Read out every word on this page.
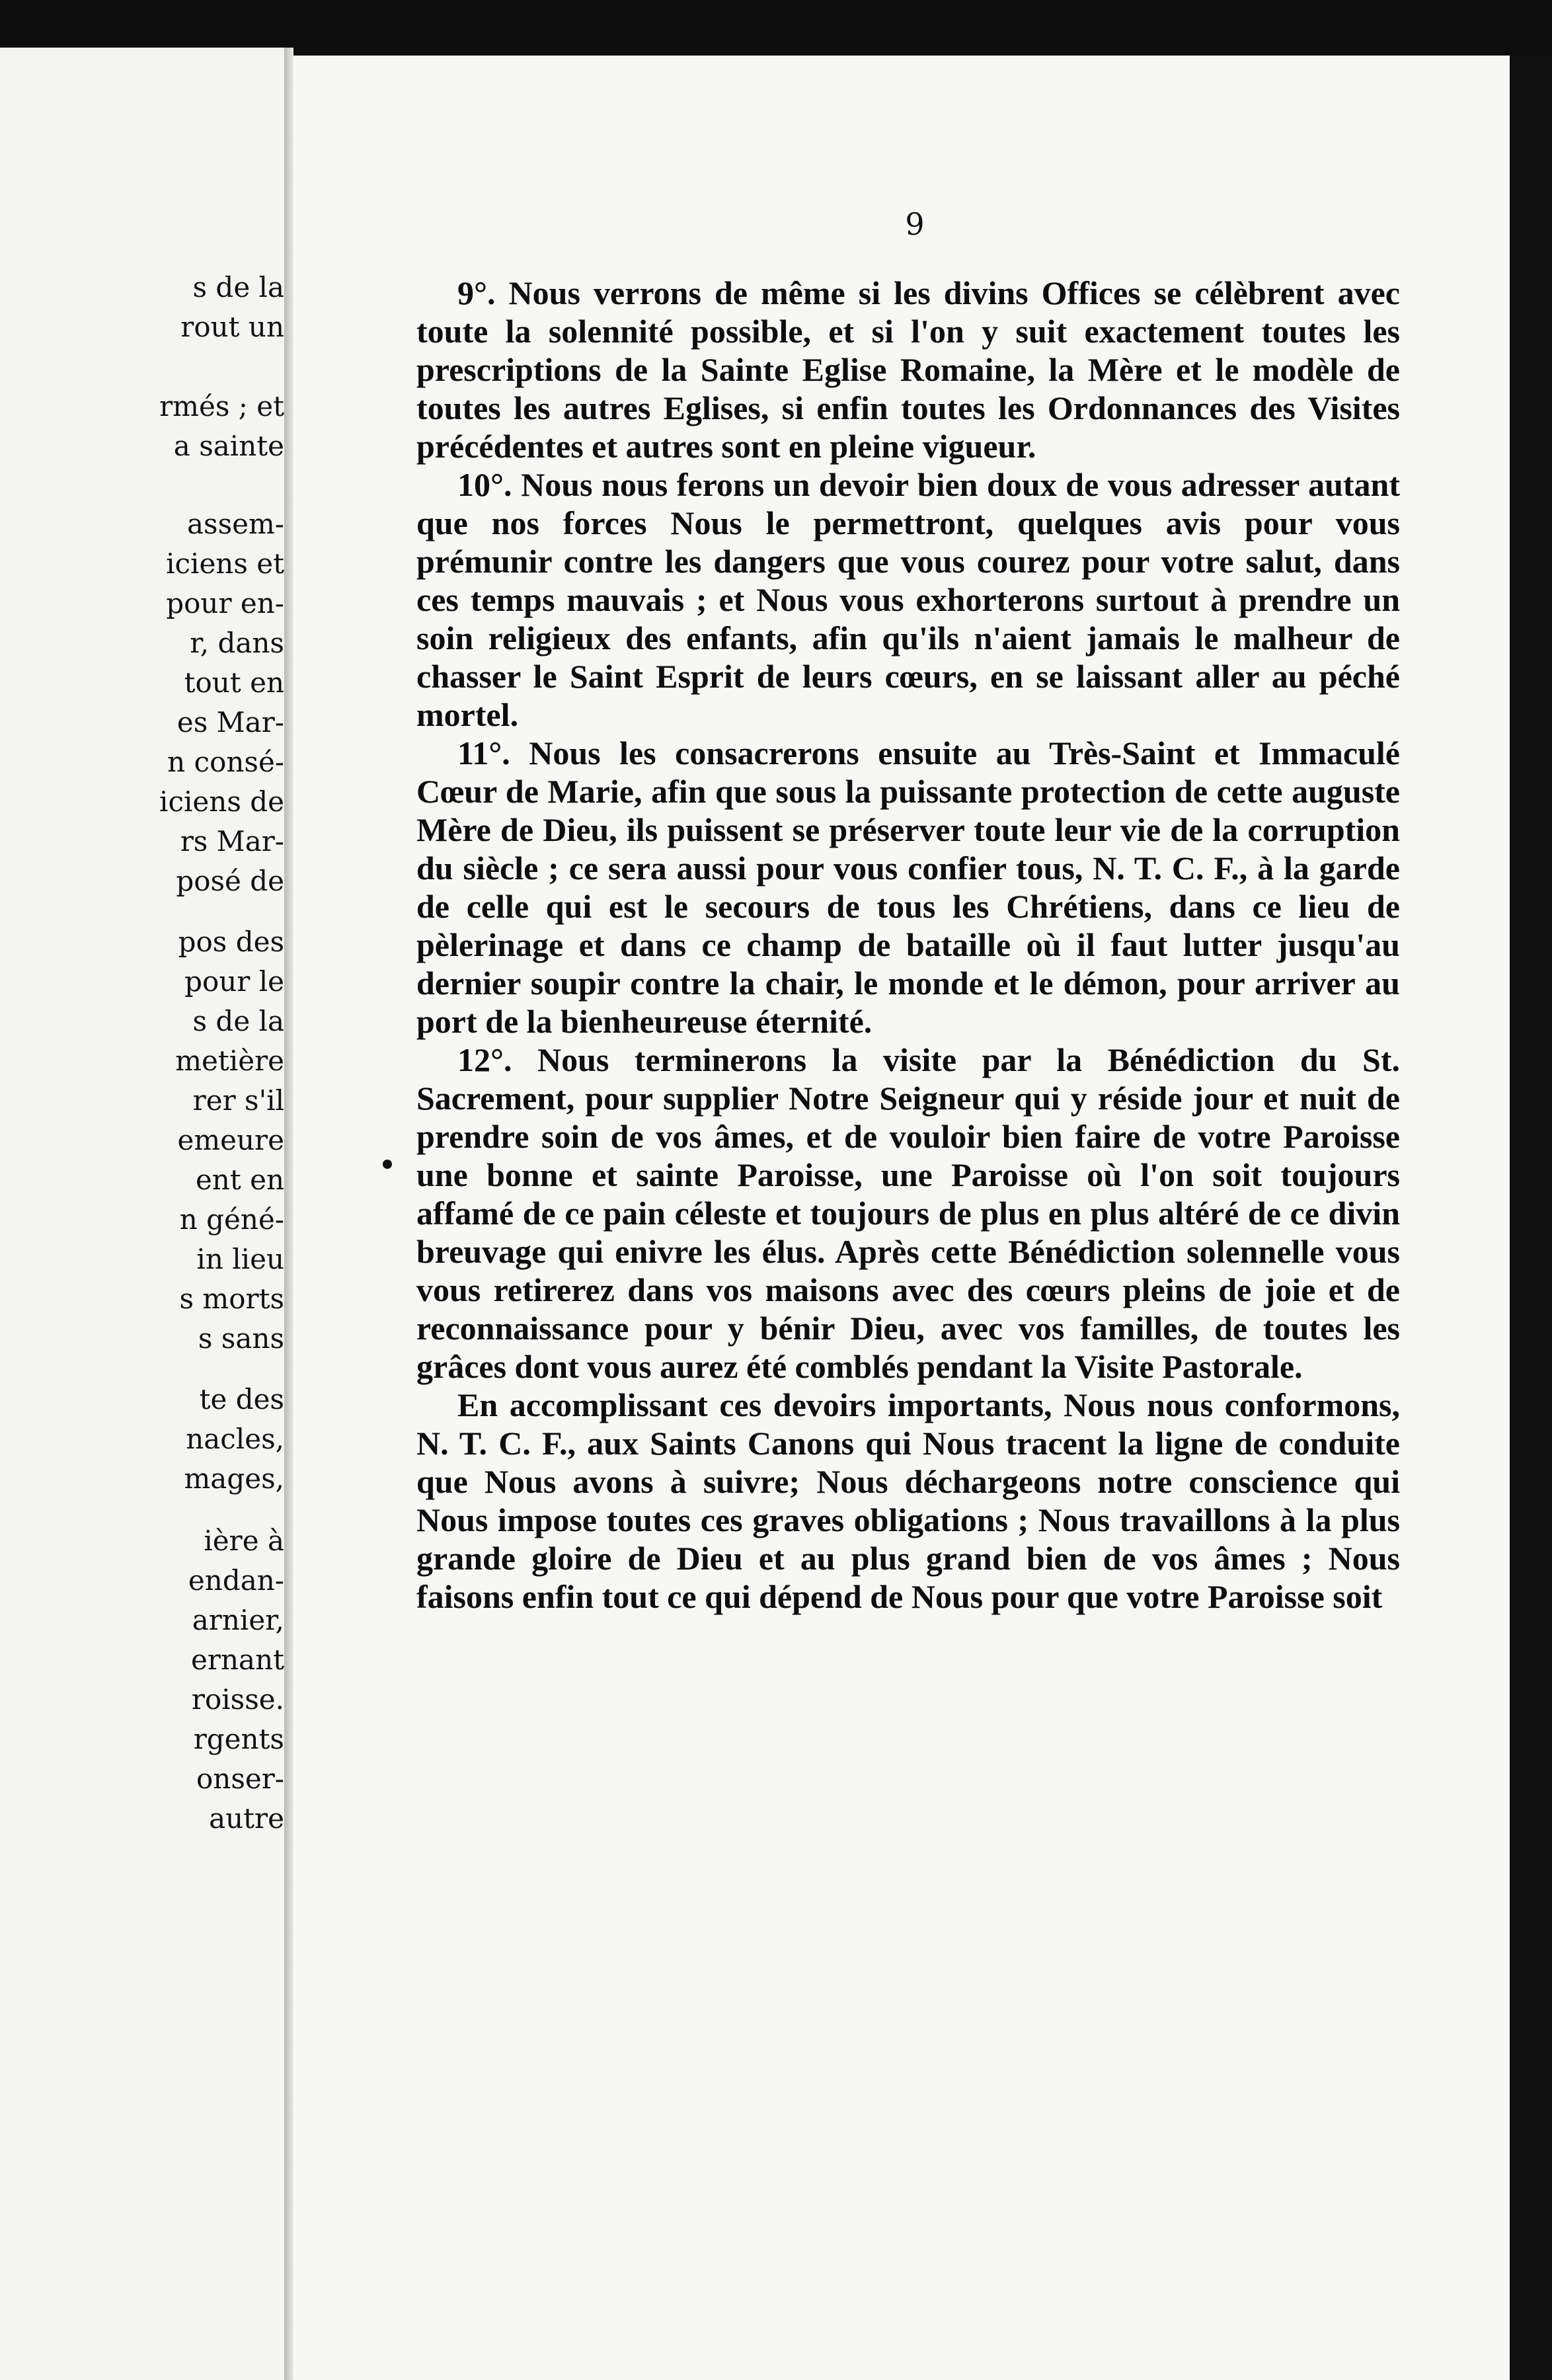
s de la
rout un
rmés ; et
a sainte
assem-
iciens et
pour en-
r, dans
tout en
es Mar-
n consé-
iciens de
rs Mar-
posé de
pos des
pour le
s de la
metière
rer s'il
emeure
ent en
n géné-
in lieu
s morts
s sans
te des
nacles,
mages,
ière à
endan-
arnier,
ernant
roisse.
rgents
onser-
autre
9

9°. Nous verrons de même si les divins Offices se célèbrent avec toute la solennité possible, et si l'on y suit exactement toutes les prescriptions de la Sainte Eglise Romaine, la Mère et le modèle de toutes les autres Eglises, si enfin toutes les Ordonnances des Visites précédentes et autres sont en pleine vigueur.

10°. Nous nous ferons un devoir bien doux de vous adresser autant que nos forces Nous le permettront, quelques avis pour vous prémunir contre les dangers que vous courez pour votre salut, dans ces temps mauvais ; et Nous vous exhorterons surtout à prendre un soin religieux des enfants, afin qu'ils n'aient jamais le malheur de chasser le Saint Esprit de leurs cœurs, en se laissant aller au péché mortel.

11°. Nous les consacrerons ensuite au Très-Saint et Immaculé Cœur de Marie, afin que sous la puissante protection de cette auguste Mère de Dieu, ils puissent se préserver toute leur vie de la corruption du siècle ; ce sera aussi pour vous confier tous, N. T. C. F., à la garde de celle qui est le secours de tous les Chrétiens, dans ce lieu de pèlerinage et dans ce champ de bataille où il faut lutter jusqu'au dernier soupir contre la chair, le monde et le démon, pour arriver au port de la bienheureuse éternité.

12°. Nous terminerons la visite par la Bénédiction du St. Sacrement, pour supplier Notre Seigneur qui y réside jour et nuit de prendre soin de vos âmes, et de vouloir bien faire de votre Paroisse une bonne et sainte Paroisse, une Paroisse où l'on soit toujours affamé de ce pain céleste et toujours de plus en plus altéré de ce divin breuvage qui enivre les élus. Après cette Bénédiction solennelle vous vous retirerez dans vos maisons avec des cœurs pleins de joie et de reconnaissance pour y bénir Dieu, avec vos familles, de toutes les grâces dont vous aurez été comblés pendant la Visite Pastorale.

En accomplissant ces devoirs importants, Nous nous conformons, N. T. C. F., aux Saints Canons qui Nous tracent la ligne de conduite que Nous avons à suivre; Nous déchargeons notre conscience qui Nous impose toutes ces graves obligations ; Nous travaillons à la plus grande gloire de Dieu et au plus grand bien de vos âmes ; Nous faisons enfin tout ce qui dépend de Nous pour que votre Paroisse soit
